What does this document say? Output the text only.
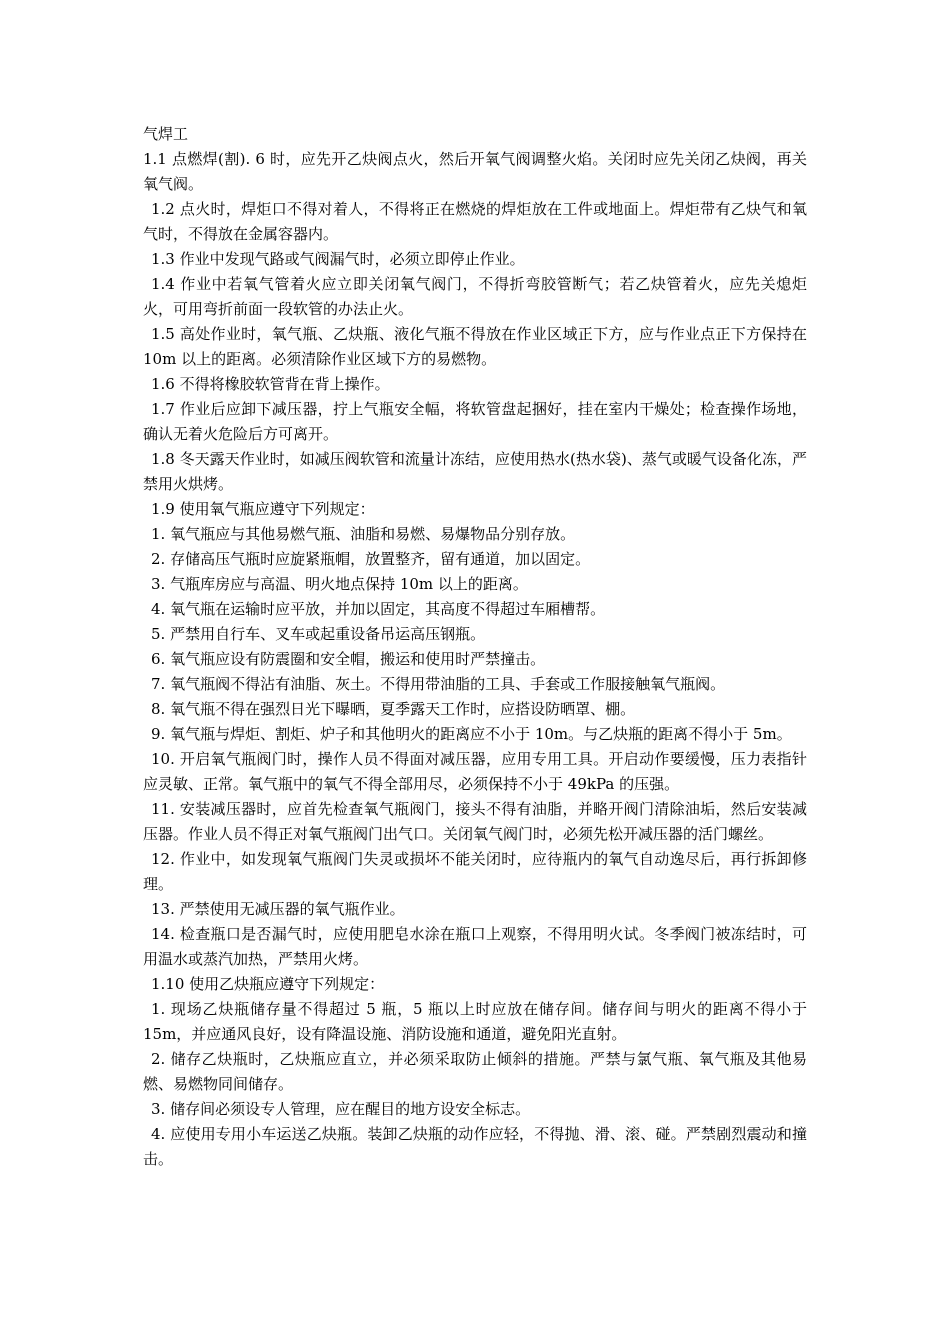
气焊工

1.1 点燃焊(割). 6 时，应先开乙炔阀点火，然后开氧气阀调整火焰。关闭时应先关闭乙炔阀，再关氧气阀。

1.2 点火时，焊炬口不得对着人，不得将正在燃烧的焊炬放在工件或地面上。焊炬带有乙炔气和氧气时，不得放在金属容器内。

1.3 作业中发现气路或气阀漏气时，必须立即停止作业。

1.4 作业中若氧气管着火应立即关闭氧气阀门，不得折弯胶管断气；若乙炔管着火，应先关熄炬火，可用弯折前面一段软管的办法止火。

1.5 高处作业时，氧气瓶、乙炔瓶、液化气瓶不得放在作业区域正下方，应与作业点正下方保持在 10m 以上的距离。必须清除作业区域下方的易燃物。

1.6 不得将橡胶软管背在背上操作。

1.7 作业后应卸下减压器，拧上气瓶安全幅，将软管盘起捆好，挂在室内干燥处；检查操作场地，确认无着火危险后方可离开。

1.8 冬天露天作业时，如减压阀软管和流量计冻结，应使用热水(热水袋)、蒸气或暖气设备化冻，严禁用火烘烤。

1.9 使用氧气瓶应遵守下列规定：

1. 氧气瓶应与其他易燃气瓶、油脂和易燃、易爆物品分别存放。

2. 存储高压气瓶时应旋紧瓶帽，放置整齐，留有通道，加以固定。

3. 气瓶库房应与高温、明火地点保持 10m 以上的距离。

4. 氧气瓶在运输时应平放，并加以固定，其高度不得超过车厢槽帮。

5. 严禁用自行车、叉车或起重设备吊运高压钢瓶。

6. 氧气瓶应设有防震圈和安全帽，搬运和使用时严禁撞击。

7. 氧气瓶阀不得沾有油脂、灰土。不得用带油脂的工具、手套或工作服接触氧气瓶阀。

8. 氧气瓶不得在强烈日光下曝晒，夏季露天工作时，应搭设防晒罩、棚。

9. 氧气瓶与焊炬、割炬、炉子和其他明火的距离应不小于 10m。与乙炔瓶的距离不得小于 5m。

10. 开启氧气瓶阀门时，操作人员不得面对减压器，应用专用工具。开启动作要缓慢，压力表指针应灵敏、正常。氧气瓶中的氧气不得全部用尽，必须保持不小于 49kPa 的压强。

11. 安装减压器时，应首先检查氧气瓶阀门，接头不得有油脂，并略开阀门清除油垢，然后安装减压器。作业人员不得正对氧气瓶阀门出气口。关闭氧气阀门时，必须先松开减压器的活门螺丝。

12. 作业中，如发现氧气瓶阀门失灵或损坏不能关闭时，应待瓶内的氧气自动逸尽后，再行拆卸修理。

13. 严禁使用无减压器的氧气瓶作业。

14. 检查瓶口是否漏气时，应使用肥皂水涂在瓶口上观察，不得用明火试。冬季阀门被冻结时，可用温水或蒸汽加热，严禁用火烤。

1.10 使用乙炔瓶应遵守下列规定：

1. 现场乙炔瓶储存量不得超过 5 瓶，5 瓶以上时应放在储存间。储存间与明火的距离不得小于 15m，并应通风良好，设有降温设施、消防设施和通道，避免阳光直射。

2. 储存乙炔瓶时，乙炔瓶应直立，并必须采取防止倾斜的措施。严禁与氯气瓶、氧气瓶及其他易燃、易燃物同间储存。

3. 储存间必须设专人管理，应在醒目的地方设安全标志。

4. 应使用专用小车运送乙炔瓶。装卸乙炔瓶的动作应轻，不得抛、滑、滚、碰。严禁剧烈震动和撞击。
